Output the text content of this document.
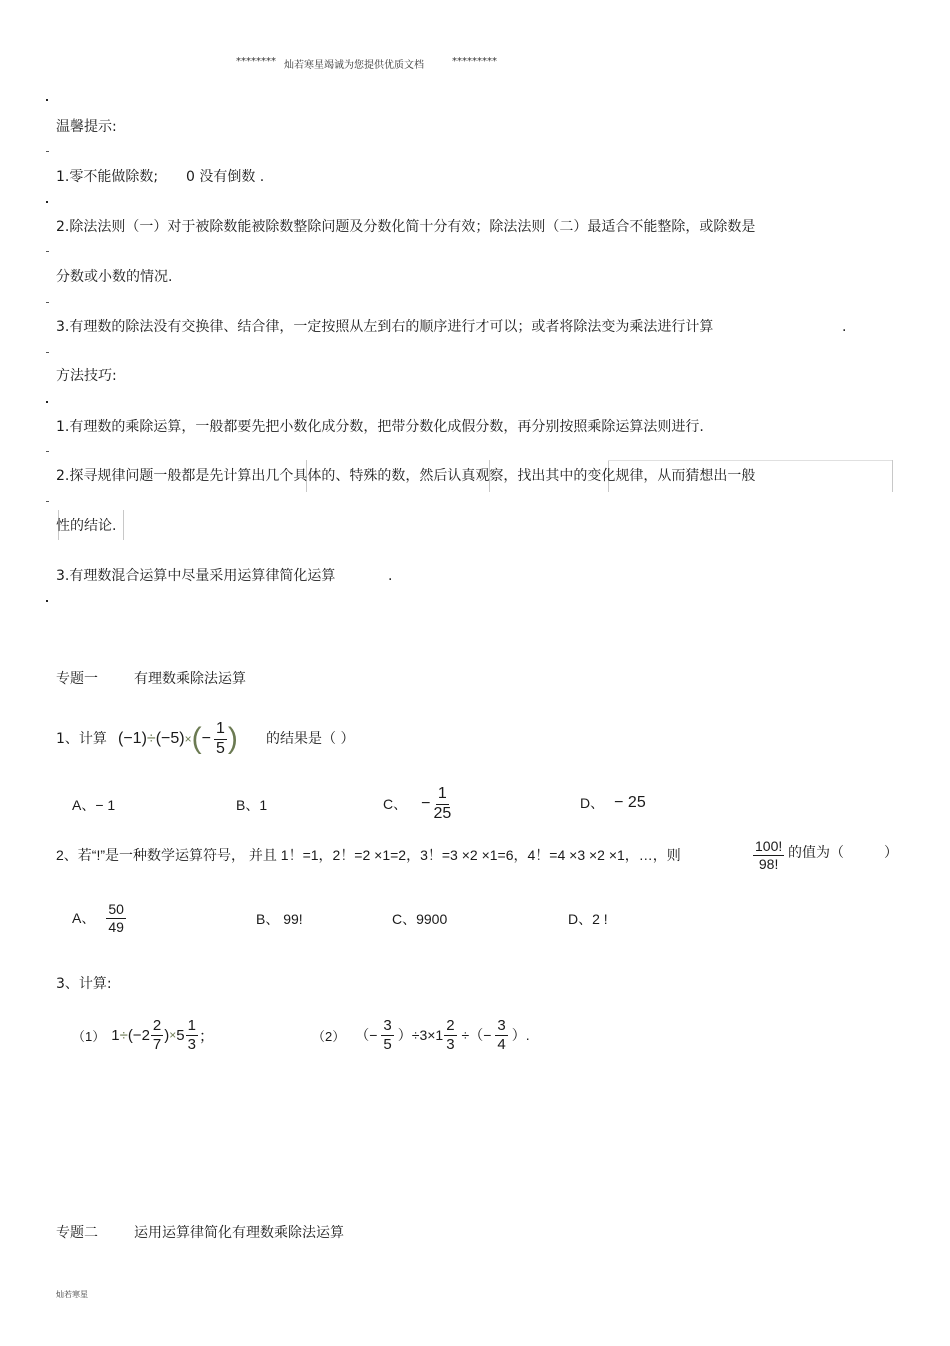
******** 灿若寒星竭诚为您提供优质文档	*********
温馨提示:
1.零不能做除数; 0 没有倒数 .
2.除法法则（一）对于被除数能被除数整除问题及分数化简十分有效；除法法则（二）最适合不能整除，或除数是
分数或小数的情况.
3.有理数的除法没有交换律、结合律，一定按照从左到右的顺序进行才可以；或者将除法变为乘法进行计算	.
方法技巧:
1.有理数的乘除运算，一般都要先把小数化成分数，把带分数化成假分数，再分别按照乘除运算法则进行.
2.探寻规律问题一般都是先计算出几个具体的、特殊的数，然后认真观察，找出其中的变化规律，从而猜想出一般
性的结论.
3.有理数混合运算中尽量采用运算律简化运算	.
专题一	有理数乘除法运算
1、计算 (−1) ÷ (−5) × ( − $\frac{1}{5}$ ) 的结果是（ ）
A、− 1	B、1	C、 − $\frac{1}{25}$	D、 − 25
2、若“!”是一种数学运算符号， 并且 1！=1，2！=2 ×1=2，3！=3 ×2 ×1=6，4！=4 ×3 ×2 ×1，…，则	$\frac{100!}{98!}$ 的值为（	）
A、 $\frac{50}{49}$	B、 99!	C、9900	D、2 !
3、计算:
（1） $1 \div (-2 \frac{2}{7}$ ) × $5 \frac{1}{3}$ ；	（2） （− $\frac{3}{5} )\div 3\times 1 \frac{2}{3}$ ÷（− $\frac{3}{4}$ ）.
专题二	运用运算律简化有理数乘除法运算
灿若寒星
